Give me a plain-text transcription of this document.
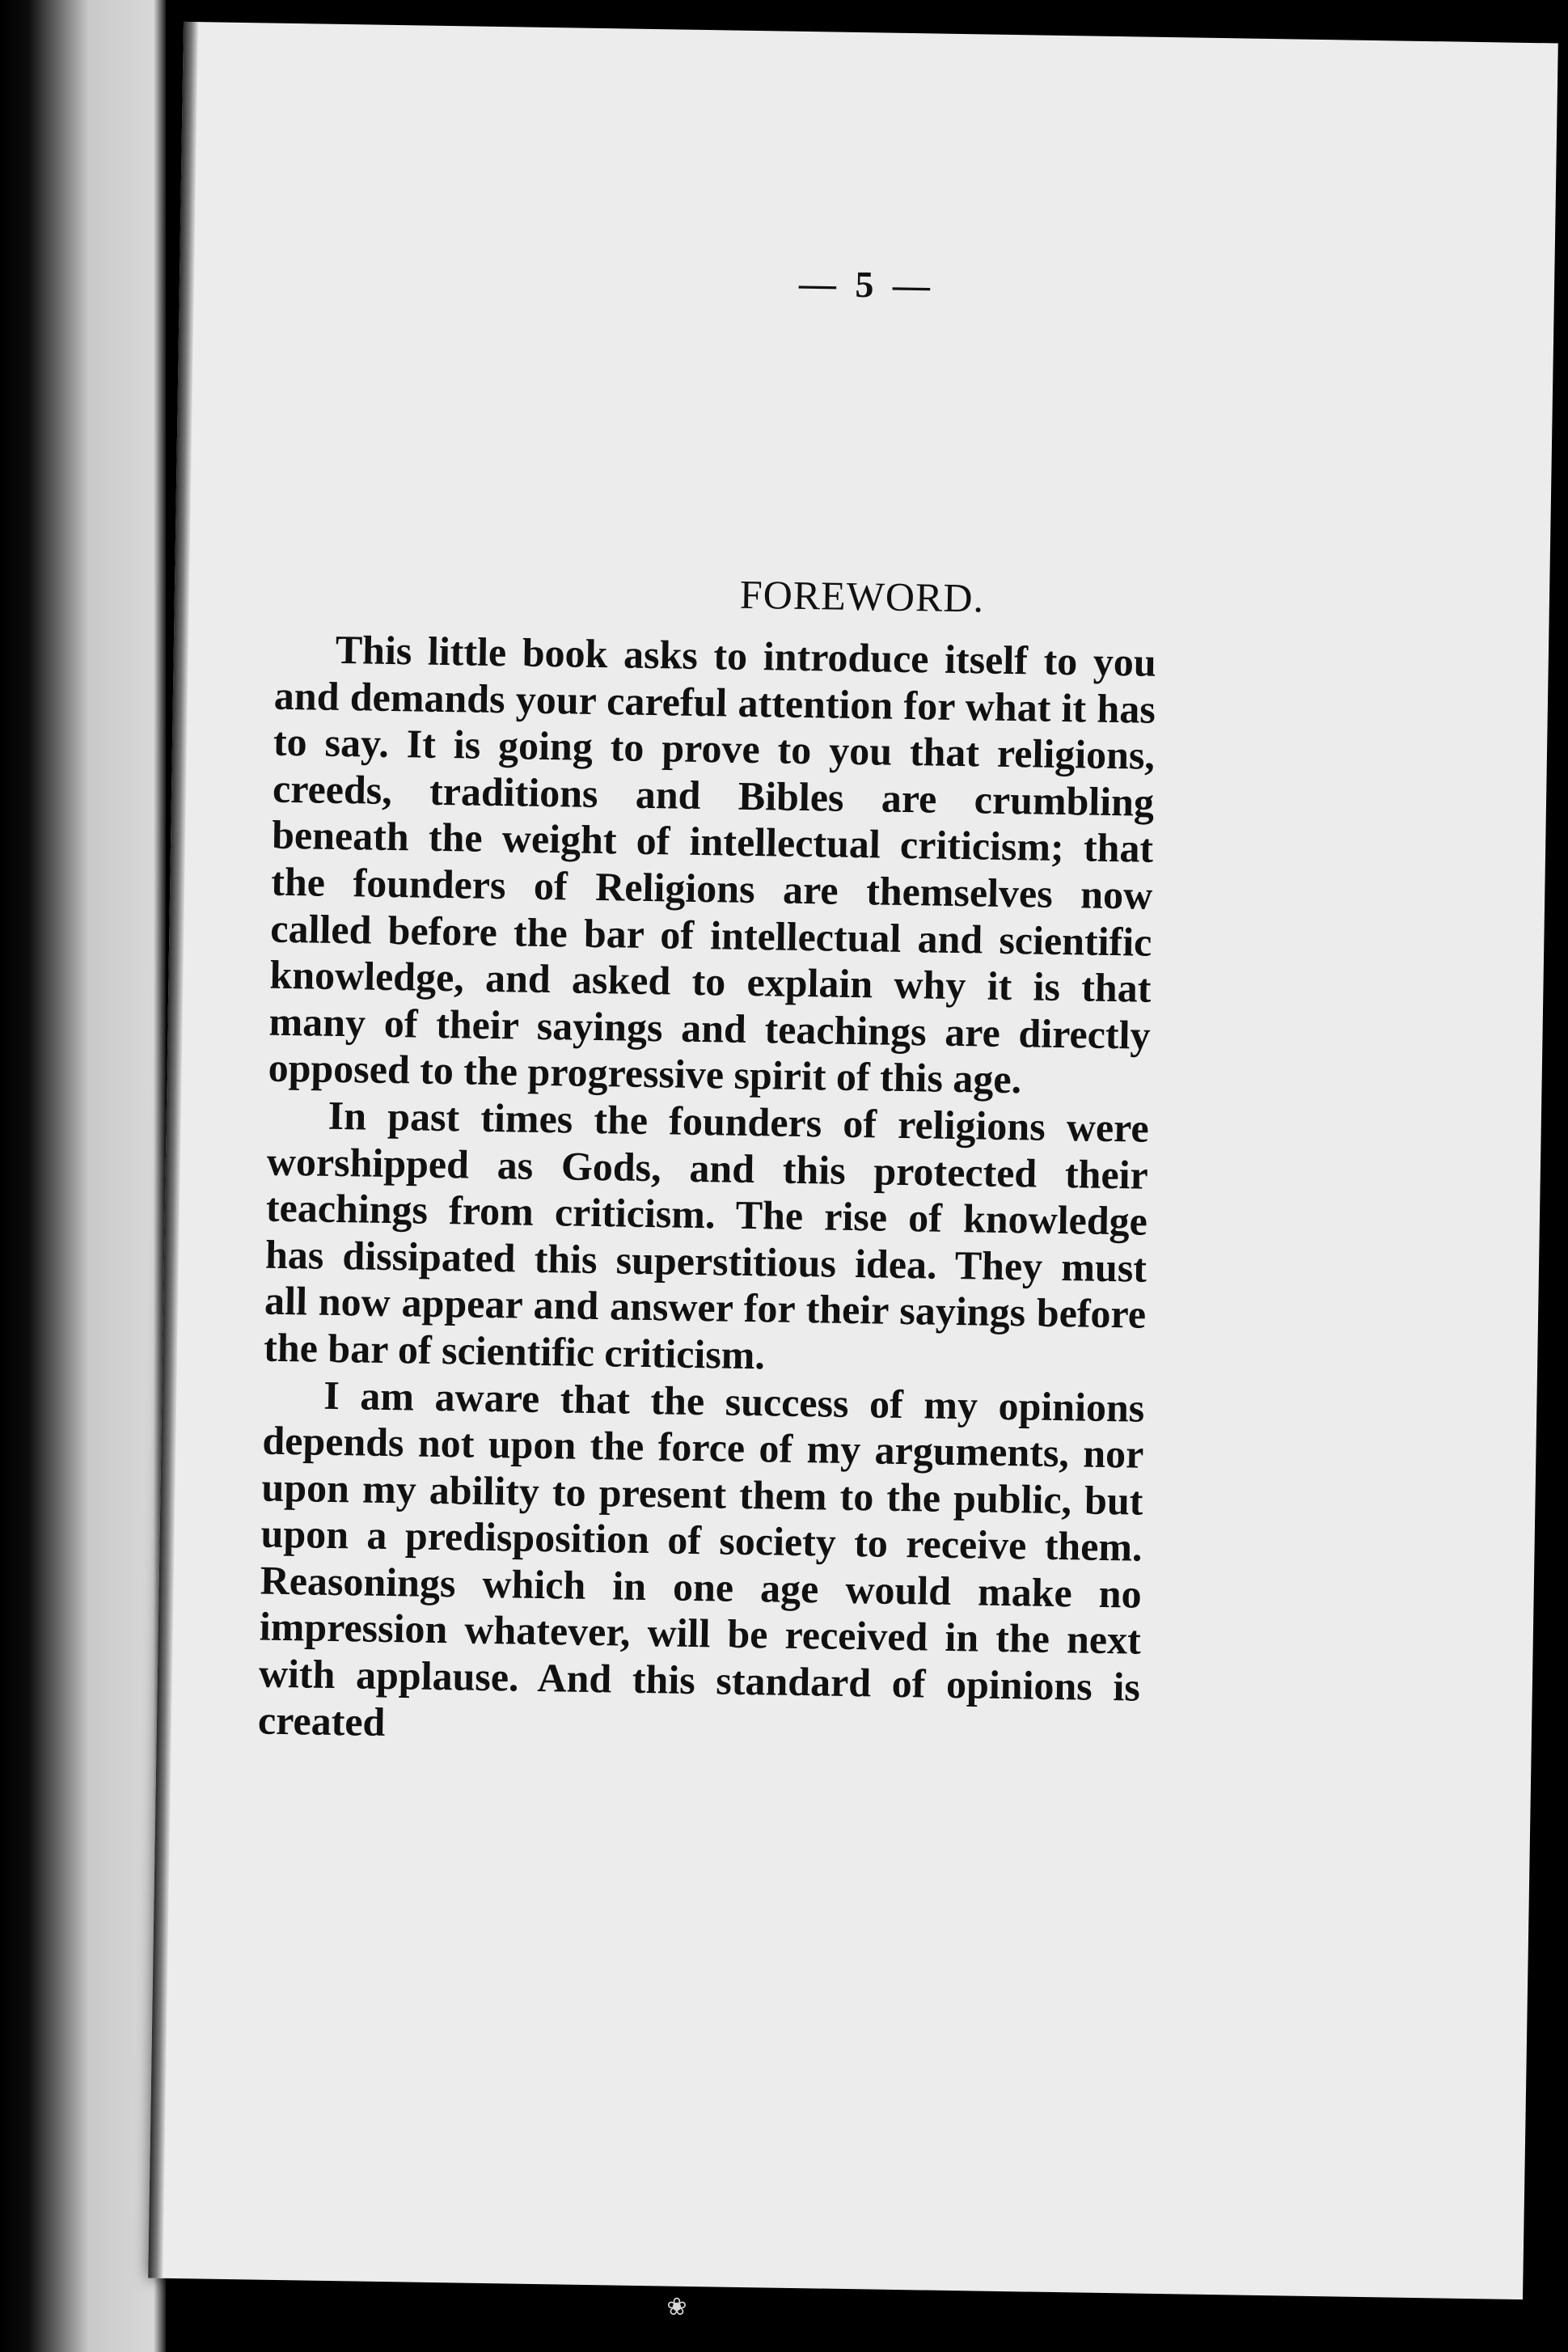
— 5 —
FOREWORD.

This little book asks to introduce itself to you and demands your careful attention for what it has to say. It is going to prove to you that religions, creeds, traditions and Bibles are crumbling beneath the weight of intellectual criticism; that the founders of Religions are themselves now called before the bar of intellectual and scientific knowledge, and asked to explain why it is that many of their sayings and teachings are directly opposed to the progressive spirit of this age.

In past times the founders of religions were worshipped as Gods, and this protected their teachings from criticism. The rise of knowledge has dissipated this superstitious idea. They must all now appear and answer for their sayings before the bar of scientific criticism.

I am aware that the success of my opinions depends not upon the force of my arguments, nor upon my ability to present them to the public, but upon a predisposition of society to receive them. Reasonings which in one age would make no impression whatever, will be received in the next with applause. And this standard of opinions is created

❀
